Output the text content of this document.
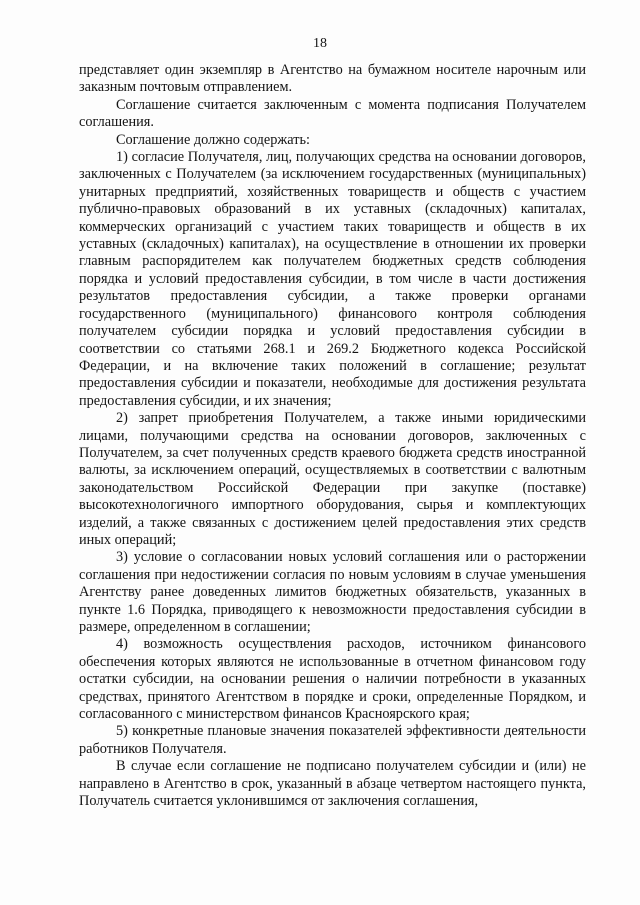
18

представляет один экземпляр в Агентство на бумажном носителе нарочным или заказным почтовым отправлением.

Соглашение считается заключенным с момента подписания Получателем соглашения.

Соглашение должно содержать:

1) согласие Получателя, лиц, получающих средства на основании договоров, заключенных с Получателем (за исключением государственных (муниципальных) унитарных предприятий, хозяйственных товариществ и обществ с участием публично-правовых образований в их уставных (складочных) капиталах, коммерческих организаций с участием таких товариществ и обществ в их уставных (складочных) капиталах), на осуществление в отношении их проверки главным распорядителем как получателем бюджетных средств соблюдения порядка и условий предоставления субсидии, в том числе в части достижения результатов предоставления субсидии, а также проверки органами государственного (муниципального) финансового контроля соблюдения получателем субсидии порядка и условий предоставления субсидии в соответствии со статьями 268.1 и 269.2 Бюджетного кодекса Российской Федерации, и на включение таких положений в соглашение; результат предоставления субсидии и показатели, необходимые для достижения результата предоставления субсидии, и их значения;

2) запрет приобретения Получателем, а также иными юридическими лицами, получающими средства на основании договоров, заключенных с Получателем, за счет полученных средств краевого бюджета средств иностранной валюты, за исключением операций, осуществляемых в соответствии с валютным законодательством Российской Федерации при закупке (поставке) высокотехнологичного импортного оборудования, сырья и комплектующих изделий, а также связанных с достижением целей предоставления этих средств иных операций;

3) условие о согласовании новых условий соглашения или о расторжении соглашения при недостижении согласия по новым условиям в случае уменьшения Агентству ранее доведенных лимитов бюджетных обязательств, указанных в пункте 1.6 Порядка, приводящего к невозможности предоставления субсидии в размере, определенном в соглашении;

4) возможность осуществления расходов, источником финансового обеспечения которых являются не использованные в отчетном финансовом году остатки субсидии, на основании решения о наличии потребности в указанных средствах, принятого Агентством в порядке и сроки, определенные Порядком, и согласованного с министерством финансов Красноярского края;

5) конкретные плановые значения показателей эффективности деятельности работников Получателя.

В случае если соглашение не подписано получателем субсидии и (или) не направлено в Агентство в срок, указанный в абзаце четвертом настоящего пункта, Получатель считается уклонившимся от заключения соглашения,
